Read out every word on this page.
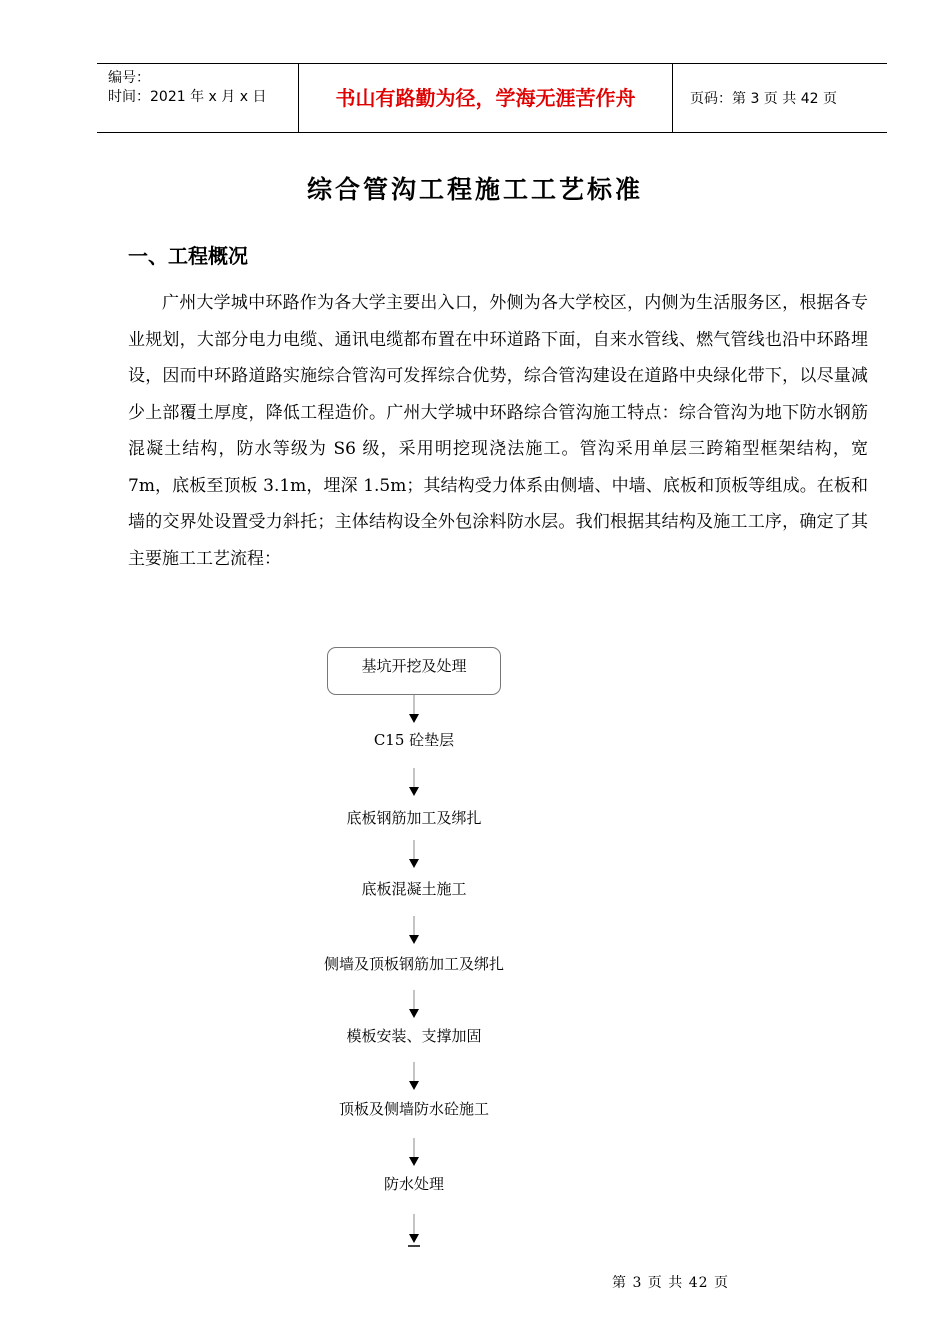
编号：
时间：2021 年 x 月 x 日	书山有路勤为径，学海无涯苦作舟	页码：第 3 页 共 42 页
综合管沟工程施工工艺标准
一、工程概况

广州大学城中环路作为各大学主要出入口，外侧为各大学校区，内侧为生活服务区，根据各专业规划，大部分电力电缆、通讯电缆都布置在中环道路下面，自来水管线、燃气管线也沿中环路埋设，因而中环路道路实施综合管沟可发挥综合优势，综合管沟建设在道路中央绿化带下，以尽量减少上部覆土厚度，降低工程造价。广州大学城中环路综合管沟施工特点：综合管沟为地下防水钢筋混凝土结构，防水等级为 S6 级，采用明挖现浇法施工。管沟采用单层三跨箱型框架结构，宽 7m，底板至顶板 3.1m，埋深 1.5m；其结构受力体系由侧墙、中墙、底板和顶板等组成。在板和墙的交界处设置受力斜托；主体结构设全外包涂料防水层。我们根据其结构及施工工序，确定了其主要施工工艺流程：

基坑开挖及处理
C15 砼垫层
底板钢筋加工及绑扎
底板混凝土施工
侧墙及顶板钢筋加工及绑扎
模板安装、支撑加固
顶板及侧墙防水砼施工
防水处理
第 3 页 共 42 页
